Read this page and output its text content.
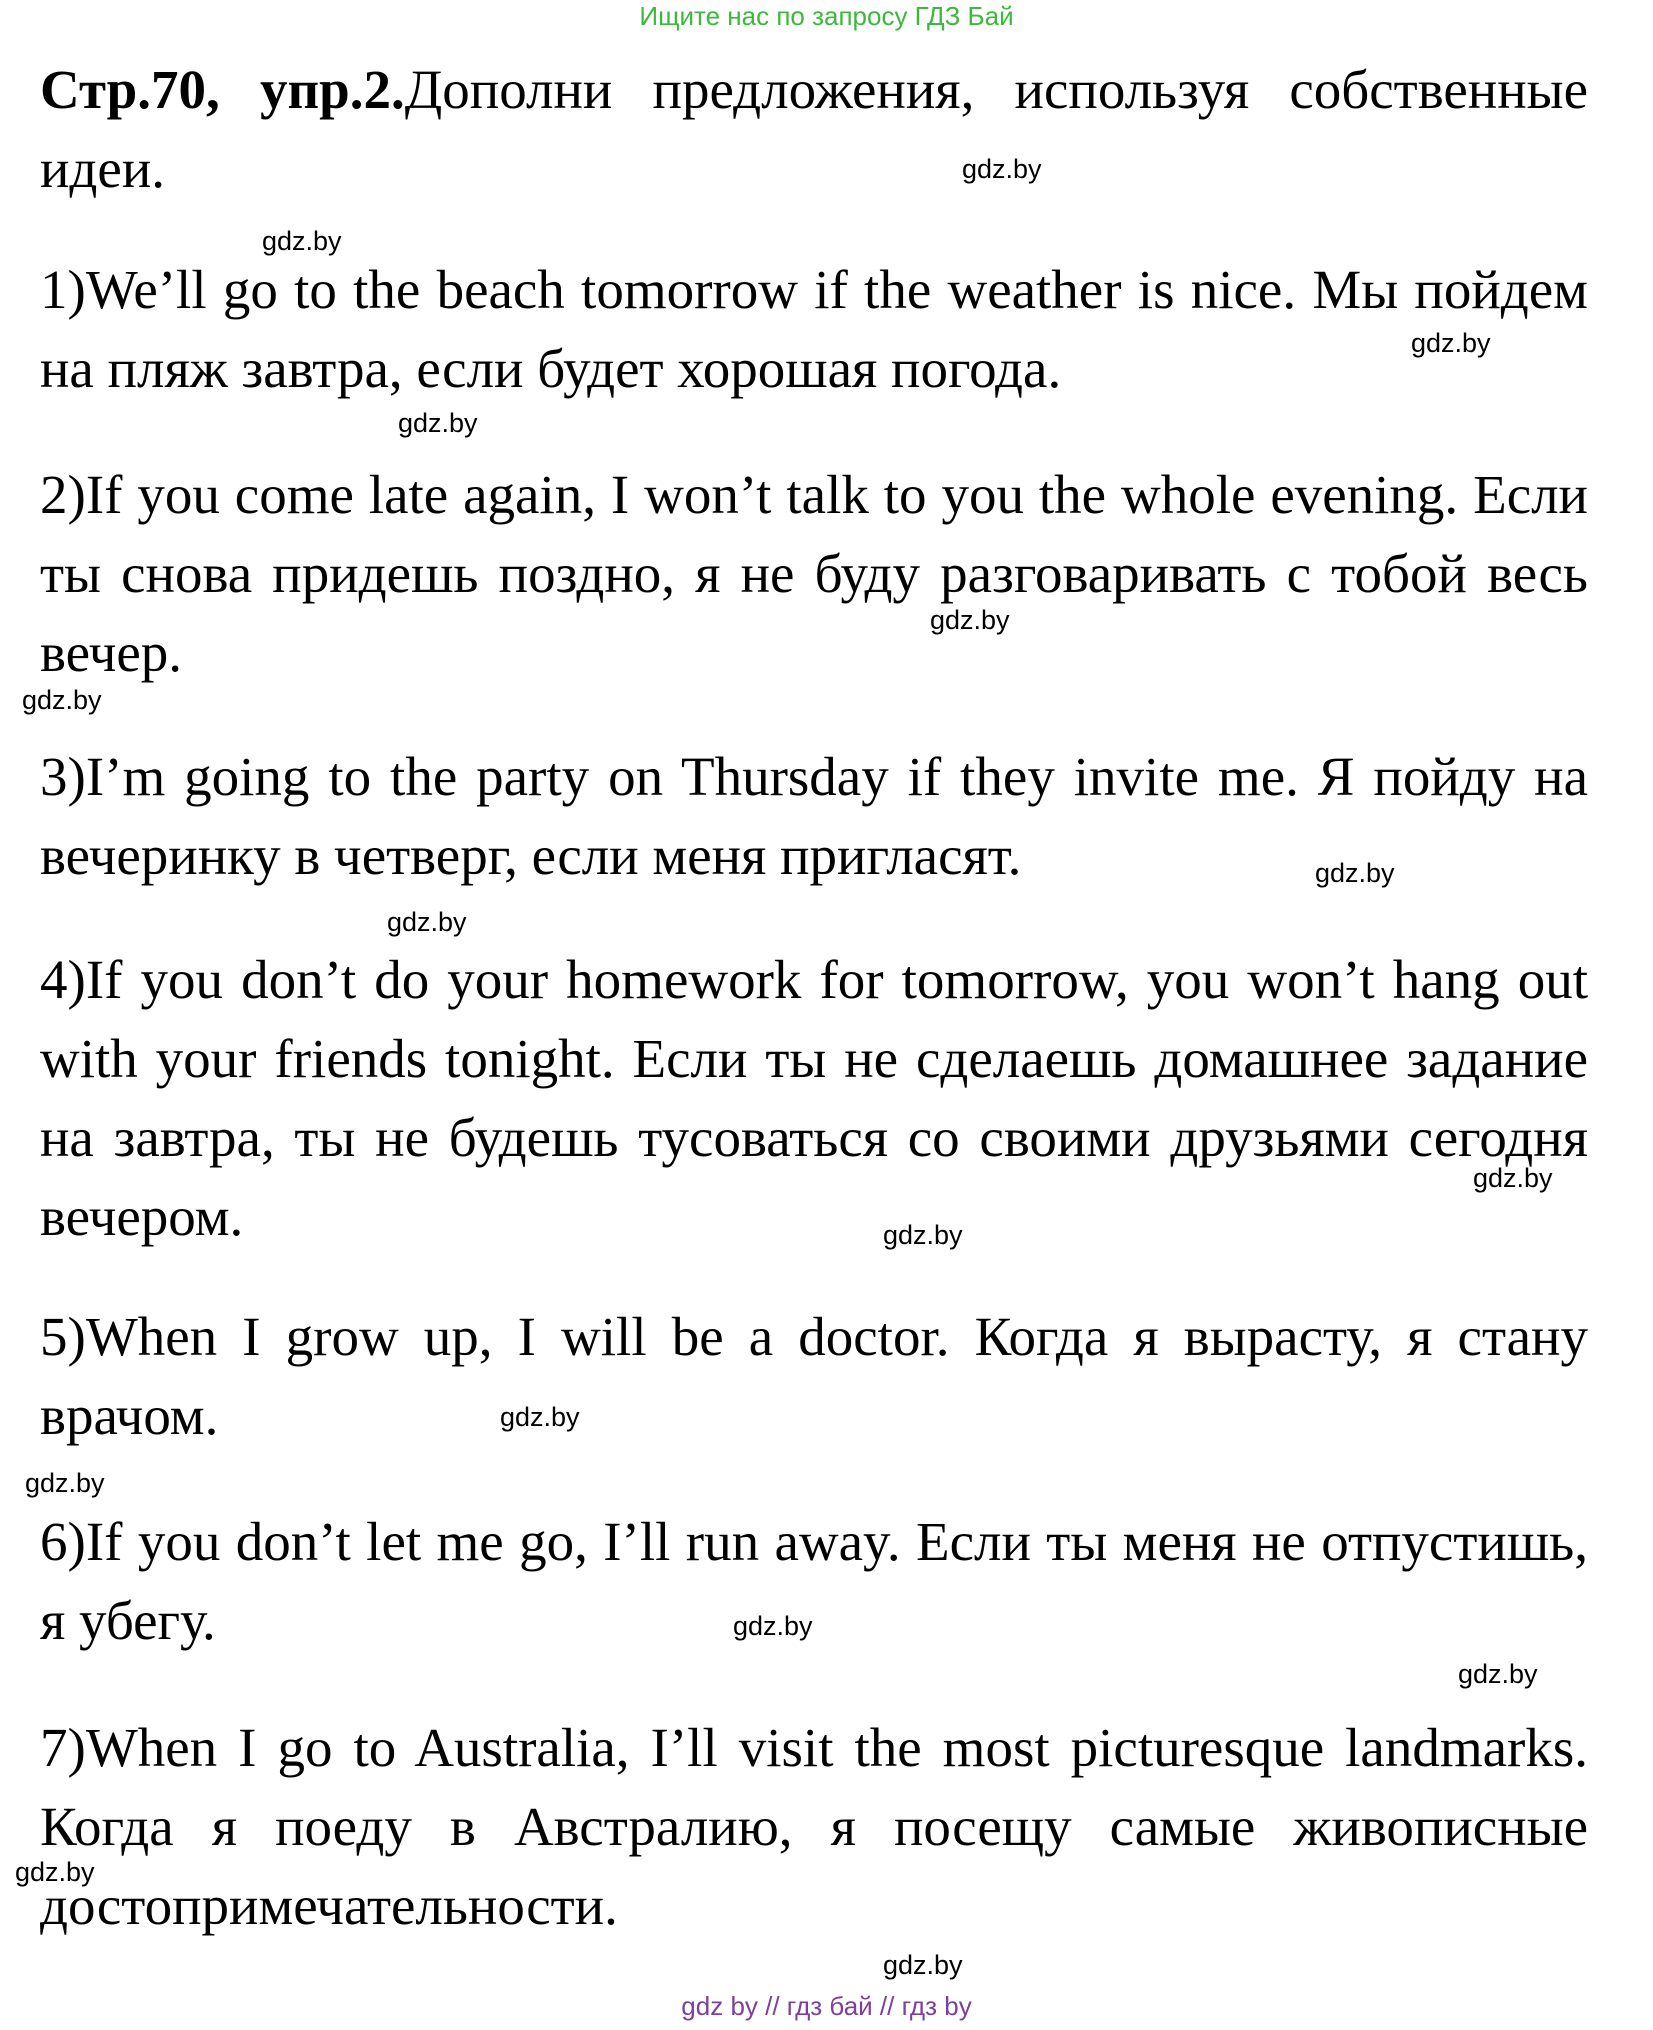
Ищите нас по запросу ГДЗ Бай
Стр.70, упр.2.Дополни предложения, используя собственные идеи.
1)We’ll go to the beach tomorrow if the weather is nice. Мы пойдем на пляж завтра, если будет хорошая погода.
2)If you come late again, I won’t talk to you the whole evening. Если ты снова придешь поздно, я не буду разговаривать с тобой весь вечер.
3)I’m going to the party on Thursday if they invite me. Я пойду на вечеринку в четверг, если меня пригласят.
4)If you don’t do your homework for tomorrow, you won’t hang out with your friends tonight. Если ты не сделаешь домашнее задание на завтра, ты не будешь тусоваться со своими друзьями сегодня вечером.
5)When I grow up, I will be a doctor. Когда я вырасту, я стану врачом.
6)If you don’t let me go, I’ll run away. Если ты меня не отпустишь, я убегу.
7)When I go to Australia, I’ll visit the most picturesque landmarks. Когда я поеду в Австралию, я посещу самые живописные достопримечательности.
gdz.by
gdz.by
gdz.by
gdz.by
gdz.by
gdz.by
gdz.by
gdz.by
gdz.by
gdz.by
gdz.by
gdz.by
gdz.by
gdz.by
gdz.by
gdz.by
gdz by // гдз бай // гдз by
